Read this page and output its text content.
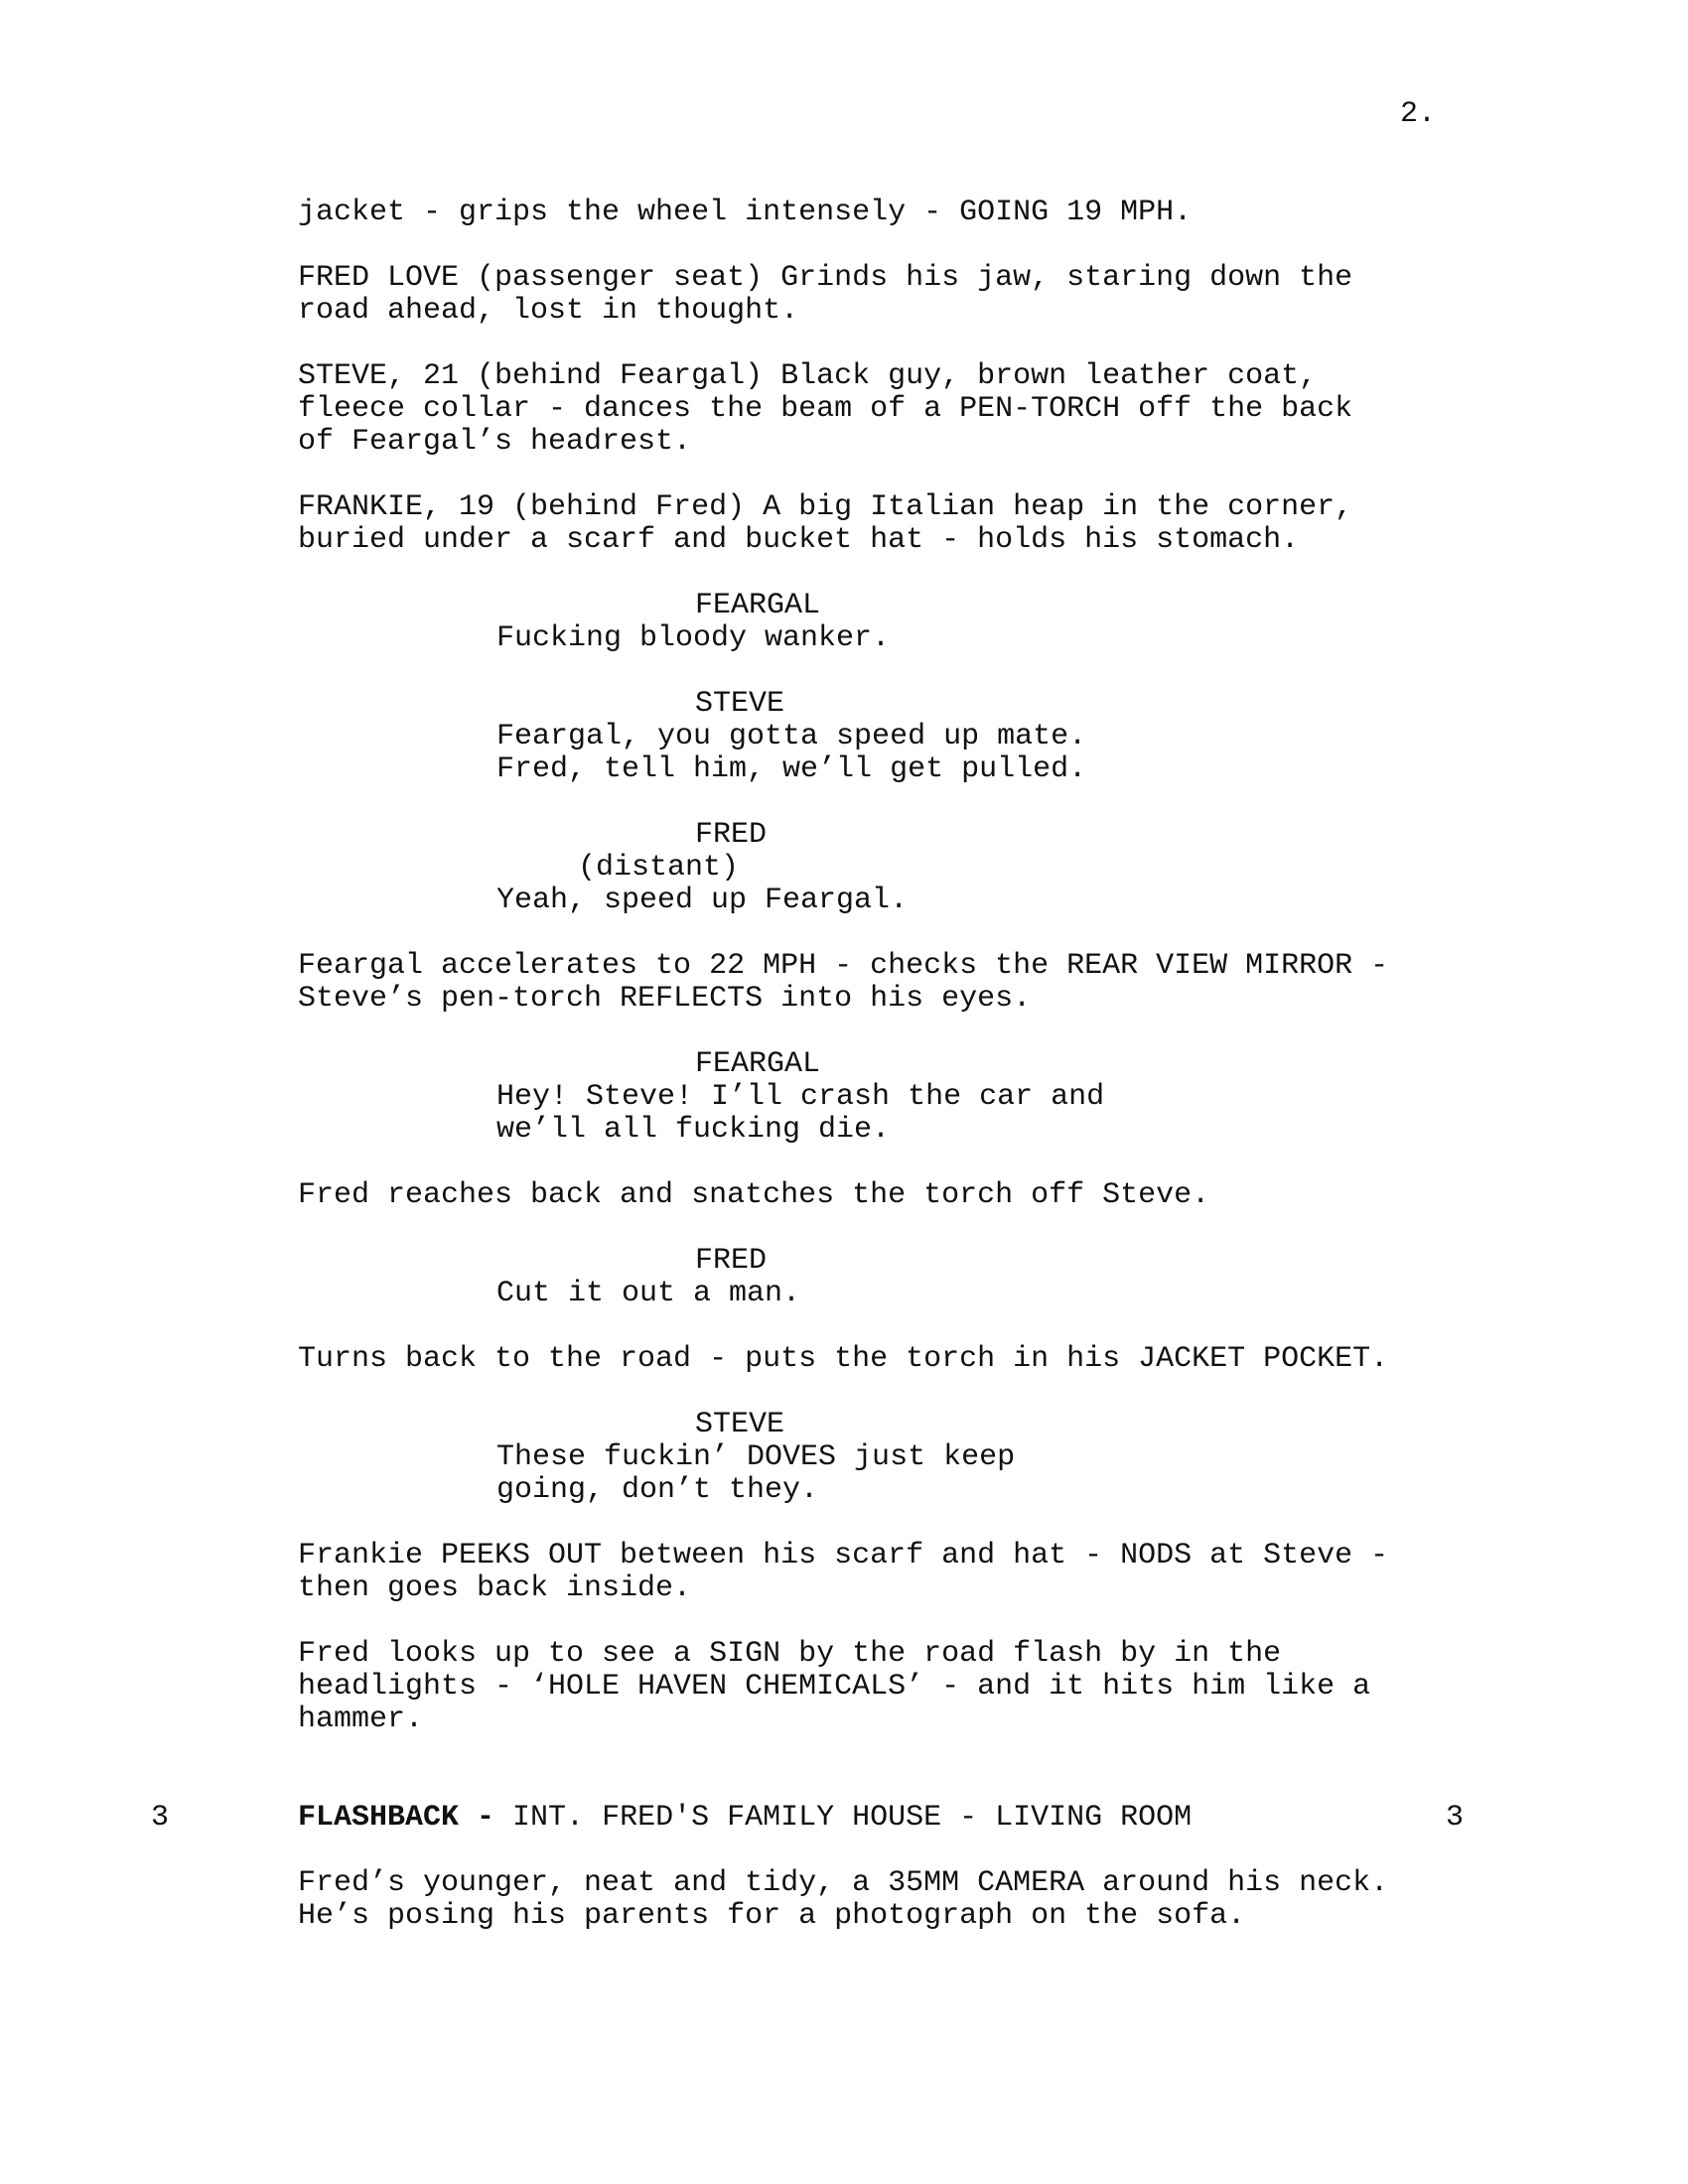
2.
jacket - grips the wheel intensely - GOING 19 MPH.
FRED LOVE (passenger seat) Grinds his jaw, staring down the
road ahead, lost in thought.
STEVE, 21 (behind Feargal) Black guy, brown leather coat,
fleece collar - dances the beam of a PEN-TORCH off the back
of Feargal’s headrest.
FRANKIE, 19 (behind Fred) A big Italian heap in the corner,
buried under a scarf and bucket hat - holds his stomach.
FEARGAL
Fucking bloody wanker.
STEVE
Feargal, you gotta speed up mate.
Fred, tell him, we’ll get pulled.
FRED
(distant)
Yeah, speed up Feargal.
Feargal accelerates to 22 MPH - checks the REAR VIEW MIRROR -
Steve’s pen-torch REFLECTS into his eyes.
FEARGAL
Hey! Steve! I’ll crash the car and
we’ll all fucking die.
Fred reaches back and snatches the torch off Steve.
FRED
Cut it out a man.
Turns back to the road - puts the torch in his JACKET POCKET.
STEVE
These fuckin’ DOVES just keep
going, don’t they.
Frankie PEEKS OUT between his scarf and hat - NODS at Steve -
then goes back inside.
Fred looks up to see a SIGN by the road flash by in the
headlights - ‘HOLE HAVEN CHEMICALS’ - and it hits him like a
hammer.
3	FLASHBACK - INT. FRED'S FAMILY HOUSE - LIVING ROOM	3
Fred’s younger, neat and tidy, a 35MM CAMERA around his neck.
He’s posing his parents for a photograph on the sofa.
